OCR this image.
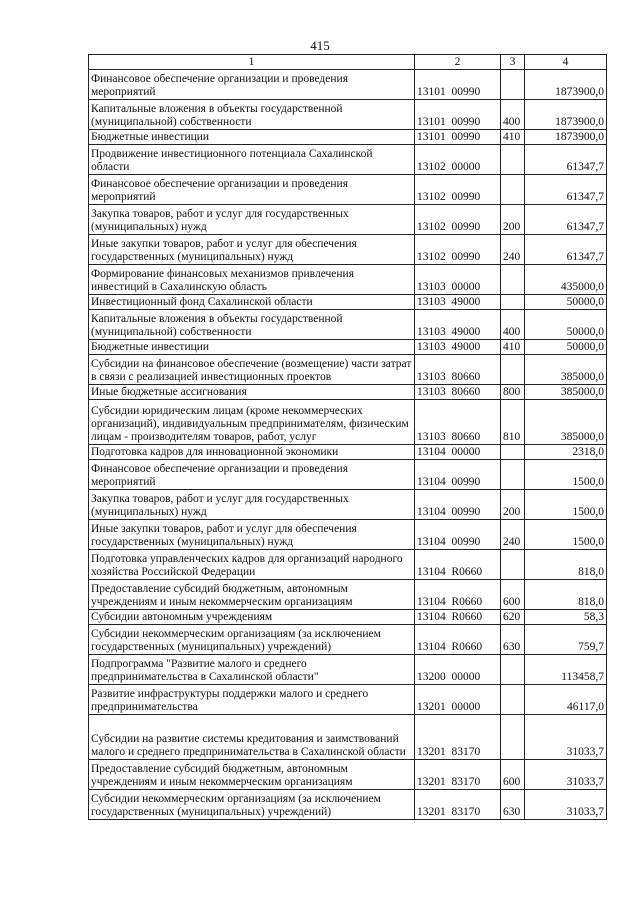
415
1	2	3	4
Финансовое обеспечение организации и проведения мероприятий	13101  00990		1873900,0
Капитальные вложения в объекты государственной (муниципальной) собственности	13101  00990	400	1873900,0
Бюджетные инвестиции	13101  00990	410	1873900,0
Продвижение инвестиционного потенциала Сахалинской области	13102  00000		61347,7
Финансовое обеспечение организации и проведения мероприятий	13102  00990		61347,7
Закупка товаров, работ и услуг для государственных (муниципальных) нужд	13102  00990	200	61347,7
Иные закупки товаров, работ и услуг для обеспечения государственных (муниципальных) нужд	13102  00990	240	61347,7
Формирование финансовых механизмов привлечения инвестиций в Сахалинскую область	13103  00000		435000,0
Инвестиционный фонд Сахалинской области	13103  49000		50000,0
Капитальные вложения в объекты государственной (муниципальной) собственности	13103  49000	400	50000,0
Бюджетные инвестиции	13103  49000	410	50000,0
Субсидии на финансовое обеспечение (возмещение) части затрат в связи с реализацией инвестиционных проектов	13103  80660		385000,0
Иные бюджетные ассигнования	13103  80660	800	385000,0
Субсидии юридическим лицам (кроме некоммерческих организаций), индивидуальным предпринимателям, физическим лицам - производителям товаров, работ, услуг	13103  80660	810	385000,0
Подготовка кадров для инновационной экономики	13104  00000		2318,0
Финансовое обеспечение организации и проведения мероприятий	13104  00990		1500,0
Закупка товаров, работ и услуг для государственных (муниципальных) нужд	13104  00990	200	1500,0
Иные закупки товаров, работ и услуг для обеспечения государственных (муниципальных) нужд	13104  00990	240	1500,0
Подготовка управленческих кадров для организаций народного хозяйства Российской Федерации	13104  R0660		818,0
Предоставление субсидий бюджетным, автономным учреждениям и иным некоммерческим организациям	13104  R0660	600	818,0
Субсидии автономным учреждениям	13104  R0660	620	58,3
Субсидии некоммерческим организациям (за исключением государственных (муниципальных) учреждений)	13104  R0660	630	759,7
Подпрограмма "Развитие малого и среднего предпринимательства в Сахалинской области"	13200  00000		113458,7
Развитие инфраструктуры поддержки малого и среднего предпринимательства	13201  00000		46117,0
Субсидии на развитие системы кредитования и заимствований малого и среднего предпринимательства в Сахалинской области	13201  83170		31033,7
Предоставление субсидий бюджетным, автономным учреждениям и иным некоммерческим организациям	13201  83170	600	31033,7
Субсидии некоммерческим организациям (за исключением государственных (муниципальных) учреждений)	13201  83170	630	31033,7
